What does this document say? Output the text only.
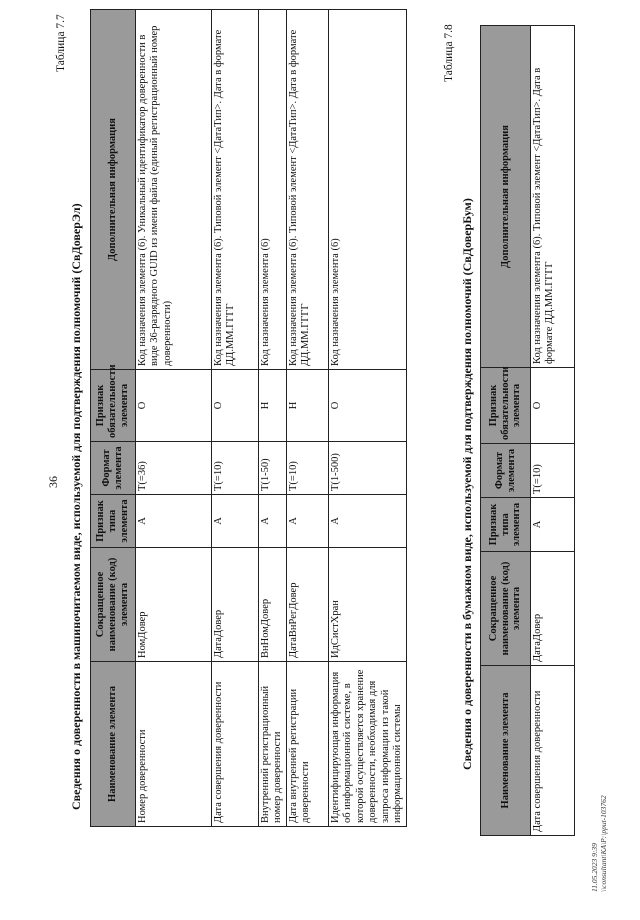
36
Таблица 7.7
Сведения о доверенности в машиночитаемом виде, используемой для подтверждения полномочий (СвДоверЭл) Наименование элемента	Сокращенное наименование (код) элемента	Признак типа элемента	Формат элемента	Признак обязательности элемента	Дополнительная информация
Номер доверенности	НомДовер	А	Т(=36)	О	Код назначения элемента (6). Уникальный идентификатор доверенности в виде 36-разрядного GUID из имени файла (единый регистрационный номер доверенности)
Дата совершения доверенности	ДатаДовер	А	Т(=10)	О	Код назначения элемента (6). Типовой элемент <ДатаТип>. Дата в формате ДД.ММ.ГГГГ
Внутренний регистрационный номер доверенности	ВнНомДовер	А	Т(1-50)	Н	Код назначения элемента (6)
Дата внутренней регистрации доверенности	ДатаВнРегДовер	А	Т(=10)	Н	Код назначения элемента (6). Типовой элемент <ДатаТип>. Дата в формате ДД.ММ.ГГГГ
Идентифицирующая информация об информационной системе, в которой осуществляется хранение доверенности, необходимая для запроса информации из такой информационной системы	ИдСистХран	А	Т(1-500)	О	Код назначения элемента (6)
Таблица 7.8
Сведения о доверенности в бумажном виде, используемой для подтверждения полномочий (СвДоверБум) Наименование элемента	Сокращенное наименование (код) элемента	Признак типа элемента	Формат элемента	Признак обязательности элемента	Дополнительная информация
Дата совершения доверенности	ДатаДовер	А	Т(=10)	О	Код назначения элемента (6). Типовой элемент <ДатаТип>. Дата в формате ДД.ММ.ГГГГ
11.05.2023 9:39 \\consultant\KA\P:\pput-103762
